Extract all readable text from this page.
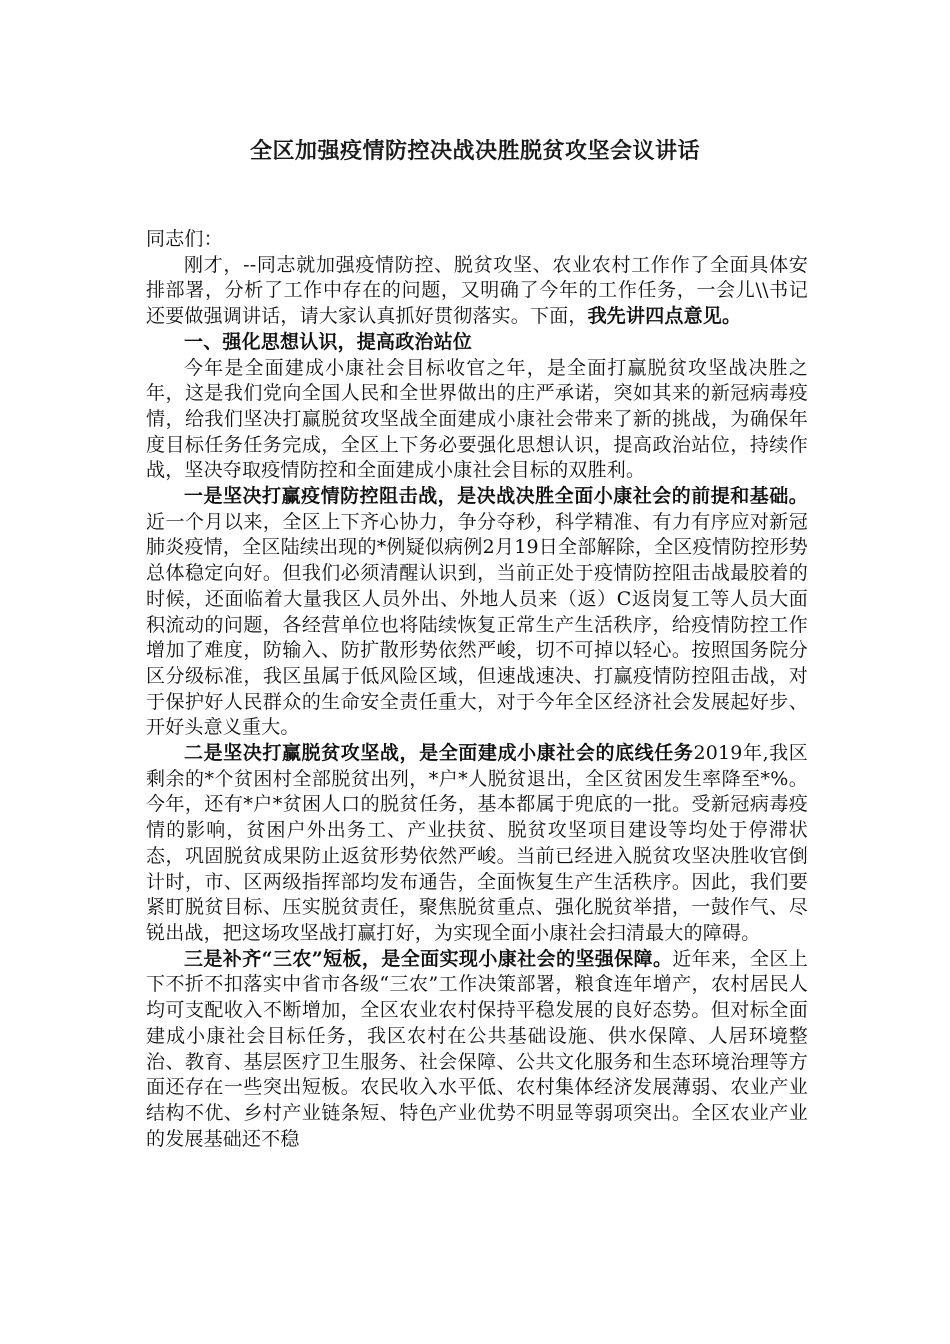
全区加强疫情防控决战决胜脱贫攻坚会议讲话

同志们：

刚才，--同志就加强疫情防控、脱贫攻坚、农业农村工作作了全面具体安排部署，分析了工作中存在的问题，又明确了今年的工作任务，一会儿\\书记还要做强调讲话，请大家认真抓好贯彻落实。下面，我先讲四点意见。

一、强化思想认识，提高政治站位

今年是全面建成小康社会目标收官之年，是全面打赢脱贫攻坚战决胜之年，这是我们党向全国人民和全世界做出的庄严承诺，突如其来的新冠病毒疫情，给我们坚决打赢脱贫攻坚战全面建成小康社会带来了新的挑战，为确保年度目标任务任务完成，全区上下务必要强化思想认识，提高政治站位，持续作战，坚决夺取疫情防控和全面建成小康社会目标的双胜利。

一是坚决打赢疫情防控阻击战，是决战决胜全面小康社会的前提和基础。近一个月以来，全区上下齐心协力，争分夺秒，科学精准、有力有序应对新冠肺炎疫情，全区陆续出现的*例疑似病例2月19日全部解除，全区疫情防控形势总体稳定向好。但我们必须清醒认识到，当前正处于疫情防控阻击战最胶着的时候，还面临着大量我区人员外出、外地人员来（返）C返岗复工等人员大面积流动的问题，各经营单位也将陆续恢复正常生产生活秩序，给疫情防控工作增加了难度，防输入、防扩散形势依然严峻，切不可掉以轻心。按照国务院分区分级标准，我区虽属于低风险区域，但速战速决、打赢疫情防控阻击战，对于保护好人民群众的生命安全责任重大，对于今年全区经济社会发展起好步、开好头意义重大。

二是坚决打赢脱贫攻坚战，是全面建成小康社会的底线任务2019年,我区剩余的*个贫困村全部脱贫出列，*户*人脱贫退出，全区贫困发生率降至*%。今年，还有*户*贫困人口的脱贫任务，基本都属于兜底的一批。受新冠病毒疫情的影响，贫困户外出务工、产业扶贫、脱贫攻坚项目建设等均处于停滞状态，巩固脱贫成果防止返贫形势依然严峻。当前已经进入脱贫攻坚决胜收官倒计时，市、区两级指挥部均发布通告，全面恢复生产生活秩序。因此，我们要紧盯脱贫目标、压实脱贫责任，聚焦脱贫重点、强化脱贫举措，一鼓作气、尽锐出战，把这场攻坚战打赢打好，为实现全面小康社会扫清最大的障碍。

三是补齐“三农”短板，是全面实现小康社会的坚强保障。近年来，全区上下不折不扣落实中省市各级“三农”工作决策部署，粮食连年增产，农村居民人均可支配收入不断增加，全区农业农村保持平稳发展的良好态势。但对标全面建成小康社会目标任务，我区农村在公共基础设施、供水保障、人居环境整治、教育、基层医疗卫生服务、社会保障、公共文化服务和生态环境治理等方面还存在一些突出短板。农民收入水平低、农村集体经济发展薄弱、农业产业结构不优、乡村产业链条短、特色产业优势不明显等弱项突出。全区农业产业的发展基础还不稳
